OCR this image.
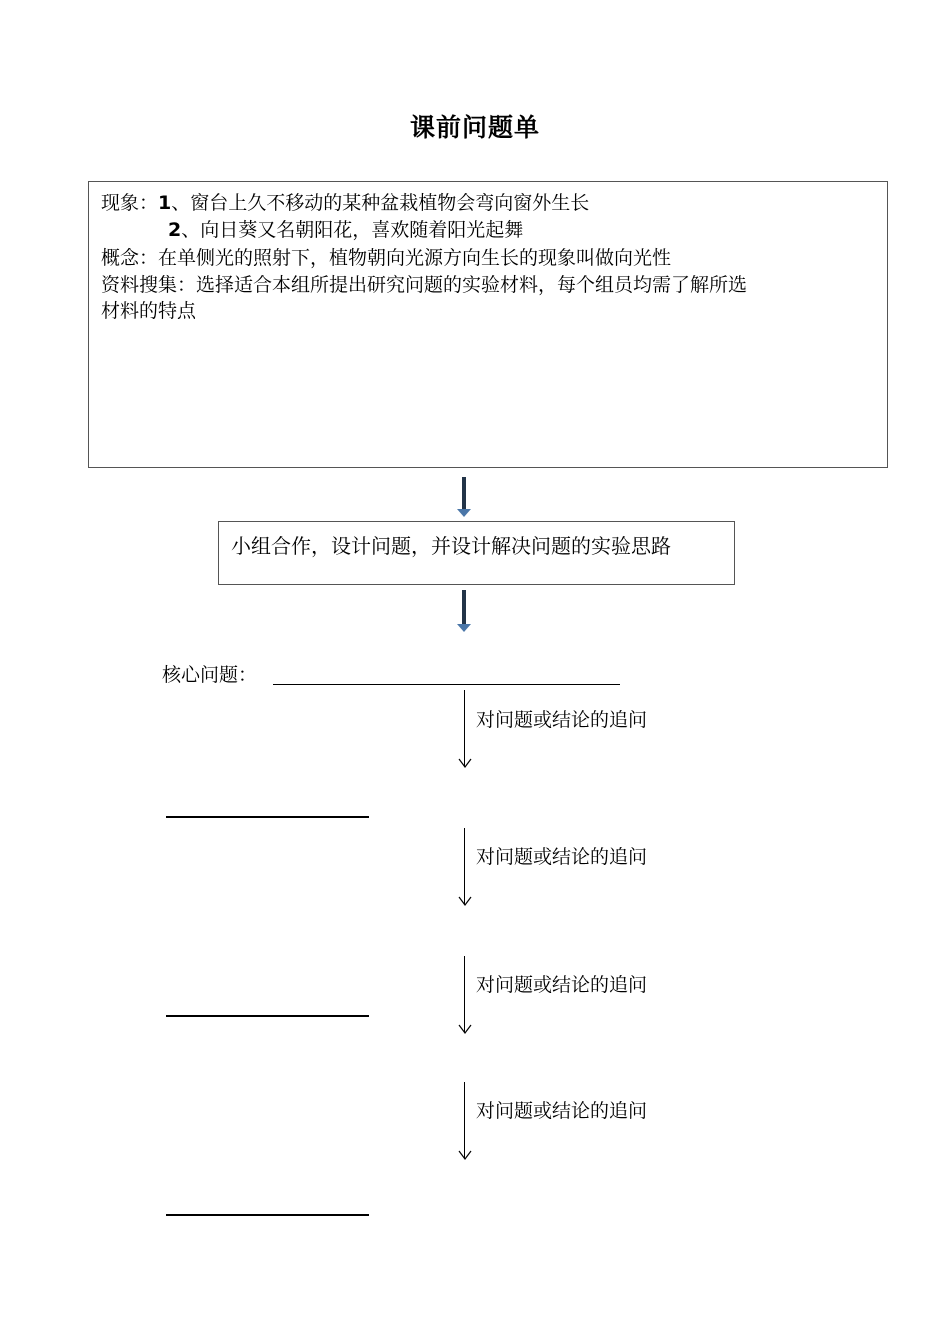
课前问题单
现象：1、窗台上久不移动的某种盆栽植物会弯向窗外生长
2、向日葵又名朝阳花，喜欢随着阳光起舞
概念：在单侧光的照射下，植物朝向光源方向生长的现象叫做向光性
资料搜集：选择适合本组所提出研究问题的实验材料，每个组员均需了解所选
材料的特点
小组合作，设计问题，并设计解决问题的实验思路
核心问题：
对问题或结论的追问
对问题或结论的追问
对问题或结论的追问
对问题或结论的追问
